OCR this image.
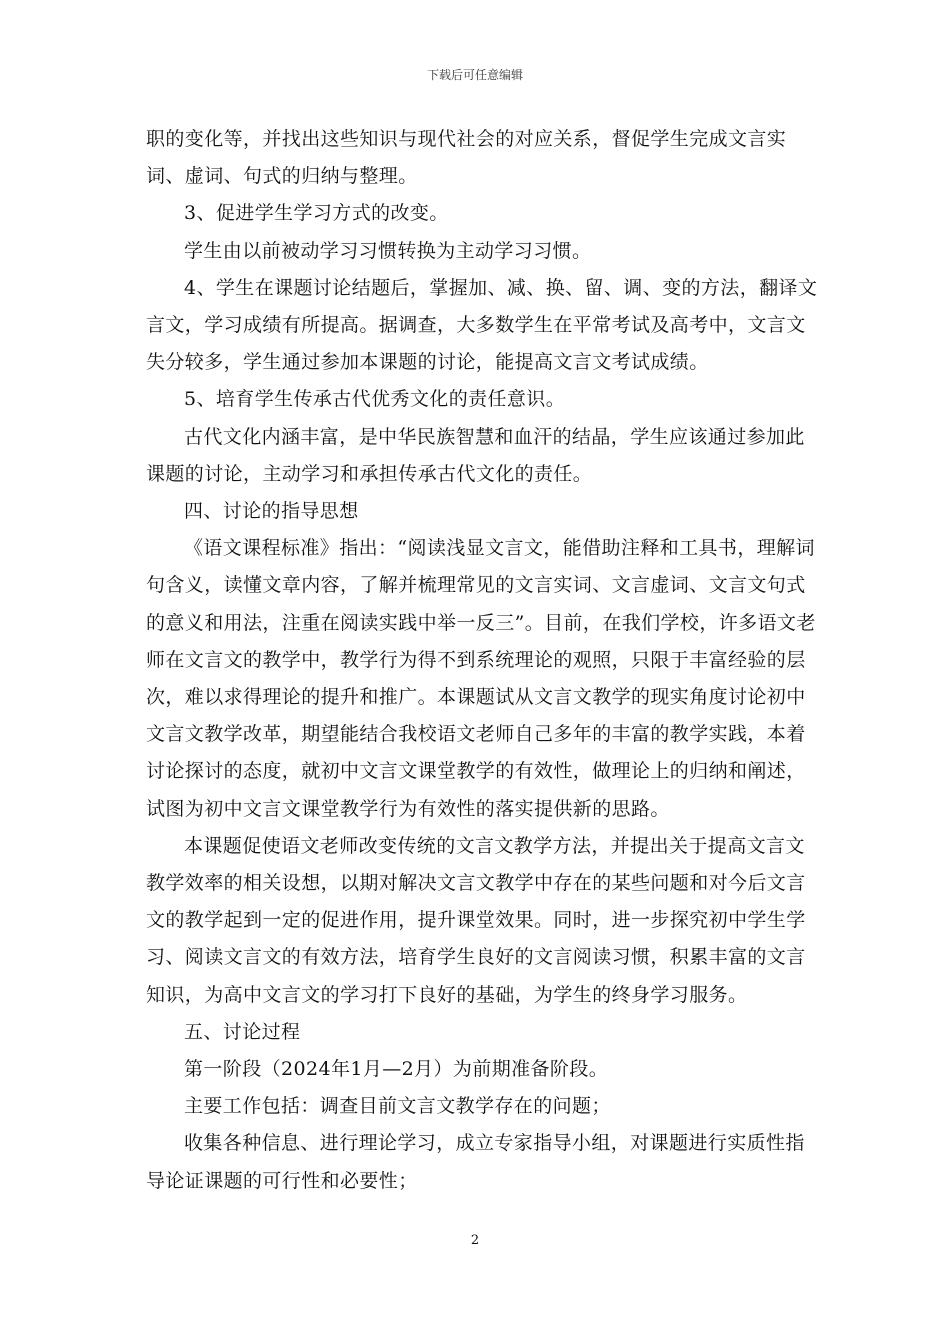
下载后可任意编辑

职的变化等，并找出这些知识与现代社会的对应关系，督促学生完成文言实词、虚词、句式的归纳与整理。

3、促进学生学习方式的改变。

学生由以前被动学习习惯转换为主动学习习惯。

4、学生在课题讨论结题后，掌握加、减、换、留、调、变的方法，翻译文言文，学习成绩有所提高。据调查，大多数学生在平常考试及高考中，文言文失分较多，学生通过参加本课题的讨论，能提高文言文考试成绩。

5、培育学生传承古代优秀文化的责任意识。

古代文化内涵丰富，是中华民族智慧和血汗的结晶，学生应该通过参加此课题的讨论，主动学习和承担传承古代文化的责任。

四、讨论的指导思想

《语文课程标准》指出：“阅读浅显文言文，能借助注释和工具书，理解词句含义，读懂文章内容，了解并梳理常见的文言实词、文言虚词、文言文句式的意义和用法，注重在阅读实践中举一反三”。目前，在我们学校，许多语文老师在文言文的教学中，教学行为得不到系统理论的观照，只限于丰富经验的层次，难以求得理论的提升和推广。本课题试从文言文教学的现实角度讨论初中文言文教学改革，期望能结合我校语文老师自己多年的丰富的教学实践，本着讨论探讨的态度，就初中文言文课堂教学的有效性，做理论上的归纳和阐述，试图为初中文言文课堂教学行为有效性的落实提供新的思路。

本课题促使语文老师改变传统的文言文教学方法，并提出关于提高文言文教学效率的相关设想，以期对解决文言文教学中存在的某些问题和对今后文言文的教学起到一定的促进作用，提升课堂效果。同时，进一步探究初中学生学习、阅读文言文的有效方法，培育学生良好的文言阅读习惯，积累丰富的文言知识，为高中文言文的学习打下良好的基础，为学生的终身学习服务。

五、讨论过程

第一阶段（2024年1月—2月）为前期准备阶段。

主要工作包括：调查目前文言文教学存在的问题；

收集各种信息、进行理论学习，成立专家指导小组，对课题进行实质性指导论证课题的可行性和必要性；

2
